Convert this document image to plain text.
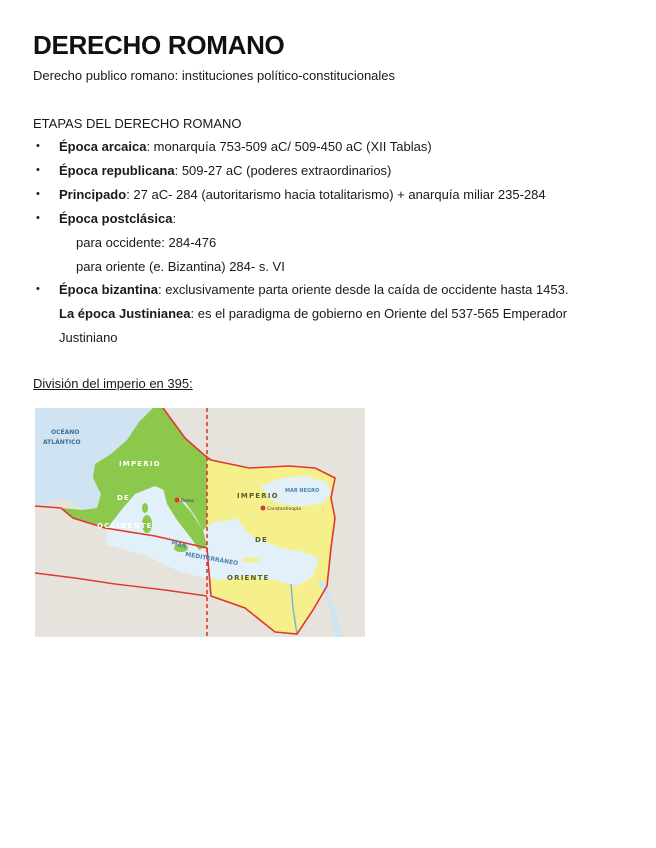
DERECHO ROMANO
Derecho publico romano: instituciones político-constitucionales
ETAPAS DEL DERECHO ROMANO
• Época arcaica: monarquía 753-509 aC/ 509-450 aC (XII Tablas)
• Época republicana: 509-27 aC (poderes extraordinarios)
• Principado: 27 aC- 284 (autoritarismo hacia totalitarismo) + anarquía miliar 235-284
• Época postclásica:
para occidente: 284-476
para oriente (e. Bizantina) 284- s. VI
• Época bizantina: exclusivamente parta oriente desde la caída de occidente hasta 1453.
La época Justinianea: es el paradigma de gobierno en Oriente del 537-565 Emperador
Justiniano
División del imperio en 395:
OCÉANO
ATLÁNTICO
IMPERIO
DE
OCCIDENTE
IMPERIO
DE
ORIENTE
MAR
MEDITERRÁNEO
MAR NEGRO
Roma
Constantinopla
